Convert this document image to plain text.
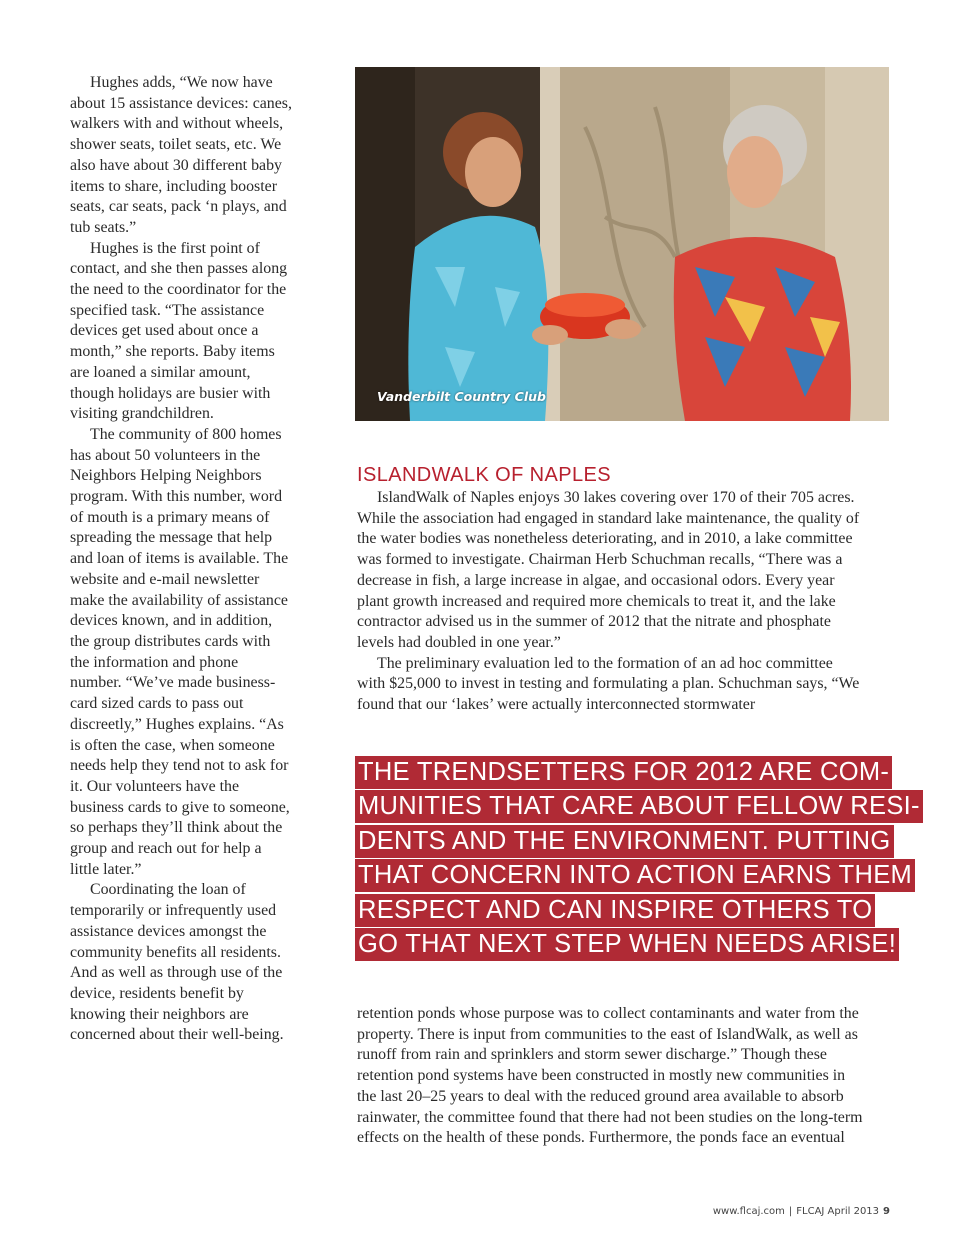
Hughes adds, “We now have about 15 assistance devices: canes, walkers with and without wheels, shower seats, toilet seats, etc. We also have about 30 different baby items to share, including booster seats, car seats, pack ‘n plays, and tub seats.”

Hughes is the first point of contact, and she then passes along the need to the coordinator for the specified task. “The assistance devices get used about once a month,” she reports. Baby items are loaned a similar amount, though holidays are busier with visiting grandchildren.

The community of 800 homes has about 50 volunteers in the Neighbors Helping Neighbors program. With this number, word of mouth is a primary means of spreading the message that help and loan of items is available. The website and e-mail newsletter make the availability of assistance devices known, and in addition, the group distributes cards with the information and phone number. “We’ve made business-card sized cards to pass out discreetly,” Hughes explains. “As is often the case, when someone needs help they tend not to ask for it. Our volunteers have the business cards to give to someone, so perhaps they’ll think about the group and reach out for help a little later.”

Coordinating the loan of temporarily or infrequently used assistance devices amongst the community benefits all residents. And as well as through use of the device, residents benefit by knowing their neighbors are concerned about their well-being.

Vanderbilt Country Club
ISLANDWALK OF NAPLES

IslandWalk of Naples enjoys 30 lakes covering over 170 of their 705 acres. While the association had engaged in standard lake maintenance, the quality of the water bodies was nonetheless deteriorating, and in 2010, a lake committee was formed to investigate. Chairman Herb Schuchman recalls, “There was a decrease in fish, a large increase in algae, and occasional odors. Every year plant growth increased and required more chemicals to treat it, and the lake contractor advised us in the summer of 2012 that the nitrate and phosphate levels had doubled in one year.”

The preliminary evaluation led to the formation of an ad hoc committee with $25,000 to invest in testing and formulating a plan. Schuchman says, “We found that our ‘lakes’ were actually interconnected stormwater

THE TRENDSETTERS FOR 2012 ARE COM-
MUNITIES THAT CARE ABOUT FELLOW RESI-
DENTS AND THE ENVIRONMENT. PUTTING
THAT CONCERN INTO ACTION EARNS THEM
RESPECT AND CAN INSPIRE OTHERS TO
GO THAT NEXT STEP WHEN NEEDS ARISE!

retention ponds whose purpose was to collect contaminants and water from the property. There is input from communities to the east of IslandWalk, as well as runoff from rain and sprinklers and storm sewer discharge.” Though these retention pond systems have been constructed in mostly new communities in the last 20–25 years to deal with the reduced ground area available to absorb rainwater, the committee found that there had not been studies on the long-term effects on the health of these ponds. Furthermore, the ponds face an eventual

www.flcaj.com | FLCAJ April 2013 9
